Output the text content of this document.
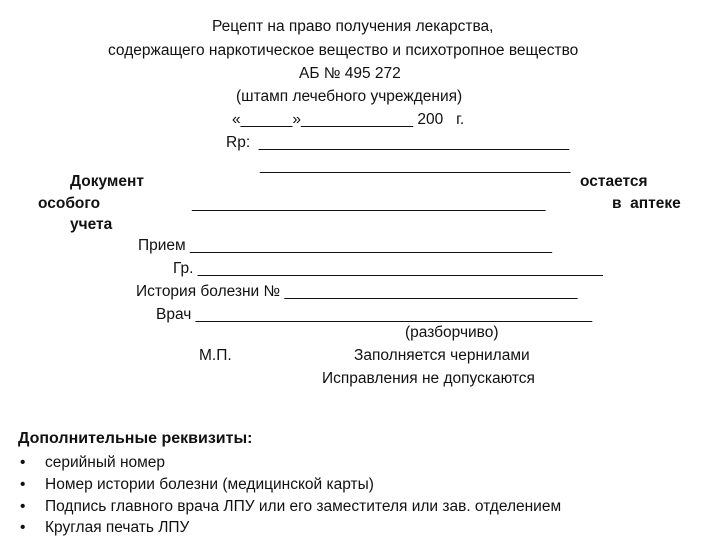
Рецепт на право получения лекарства,
содержащего наркотическое вещество и психотропное вещество
АБ № 495 272
(штамп лечебного учреждения)
«______»_____________ 200   г.
Rp:  ____________________________________
____________________________________
Документ
особого
учета
остается
в  аптеке
_________________________________________
Прием __________________________________________
Гр. _______________________________________________
История болезни № __________________________________
Врач ______________________________________________
(разборчиво)
М.П.	Заполняется чернилами
Исправления не допускаются
Дополнительные реквизиты:
• серийный номер
• Номер истории болезни (медицинской карты)
• Подпись главного врача ЛПУ или его заместителя или зав. отделением
• Круглая печать ЛПУ
